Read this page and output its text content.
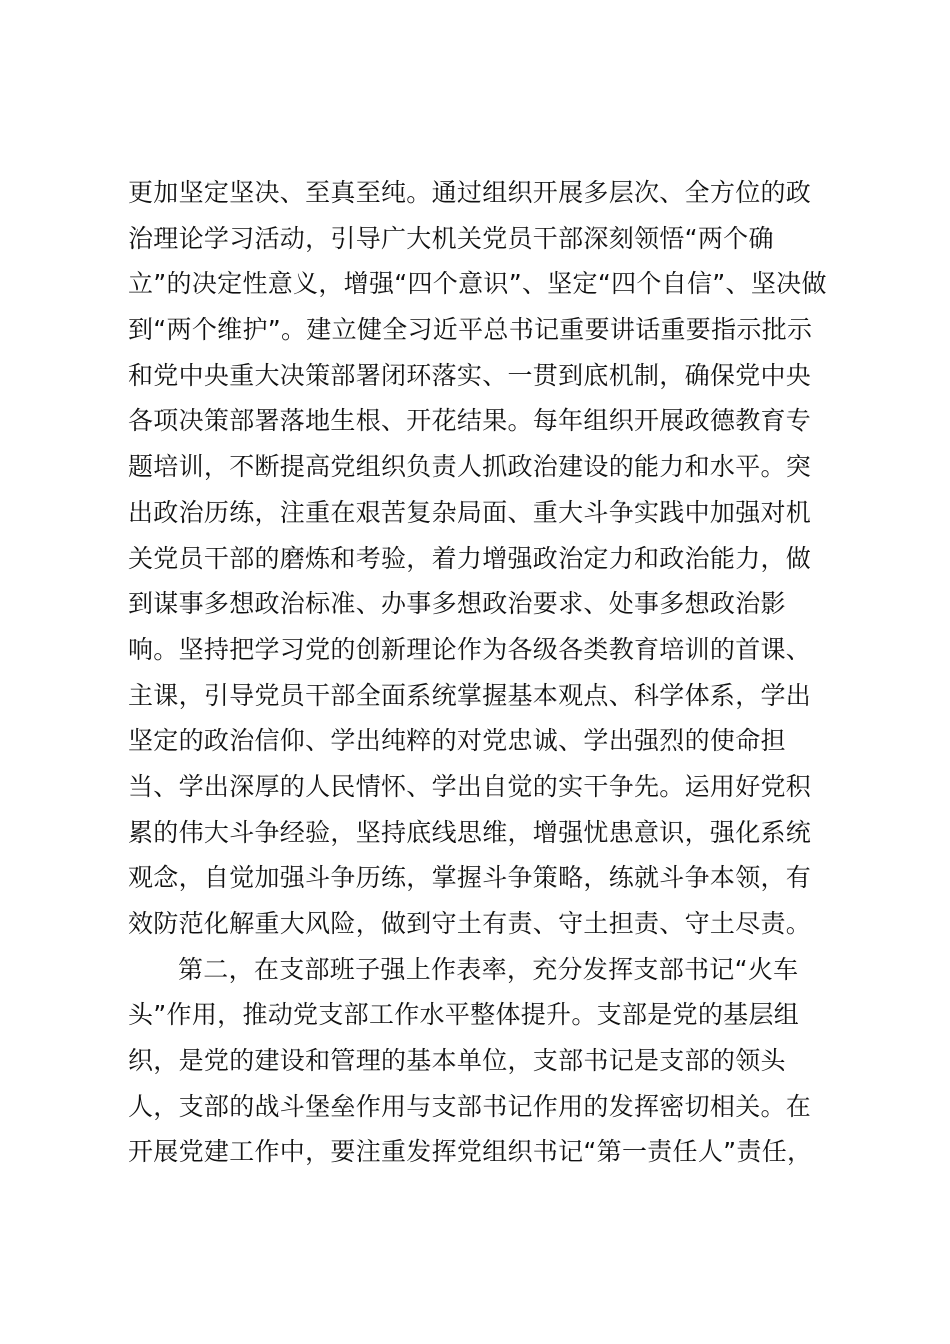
更加坚定坚决、至真至纯。通过组织开展多层次、全方位的政
治理论学习活动，引导广大机关党员干部深刻领悟“两个确
立”的决定性意义，增强“四个意识”、坚定“四个自信”、坚决做
到“两个维护”。建立健全习近平总书记重要讲话重要指示批示
和党中央重大决策部署闭环落实、一贯到底机制，确保党中央
各项决策部署落地生根、开花结果。每年组织开展政德教育专
题培训，不断提高党组织负责人抓政治建设的能力和水平。突
出政治历练，注重在艰苦复杂局面、重大斗争实践中加强对机
关党员干部的磨炼和考验，着力增强政治定力和政治能力，做
到谋事多想政治标准、办事多想政治要求、处事多想政治影
响。坚持把学习党的创新理论作为各级各类教育培训的首课、
主课，引导党员干部全面系统掌握基本观点、科学体系，学出
坚定的政治信仰、学出纯粹的对党忠诚、学出强烈的使命担
当、学出深厚的人民情怀、学出自觉的实干争先。运用好党积
累的伟大斗争经验，坚持底线思维，增强忧患意识，强化系统
观念，自觉加强斗争历练，掌握斗争策略，练就斗争本领，有
效防范化解重大风险，做到守土有责、守土担责、守土尽责。
第二，在支部班子强上作表率，充分发挥支部书记“火车
头”作用，推动党支部工作水平整体提升。支部是党的基层组
织，是党的建设和管理的基本单位，支部书记是支部的领头
人，支部的战斗堡垒作用与支部书记作用的发挥密切相关。在
开展党建工作中，要注重发挥党组织书记“第一责任人”责任，
